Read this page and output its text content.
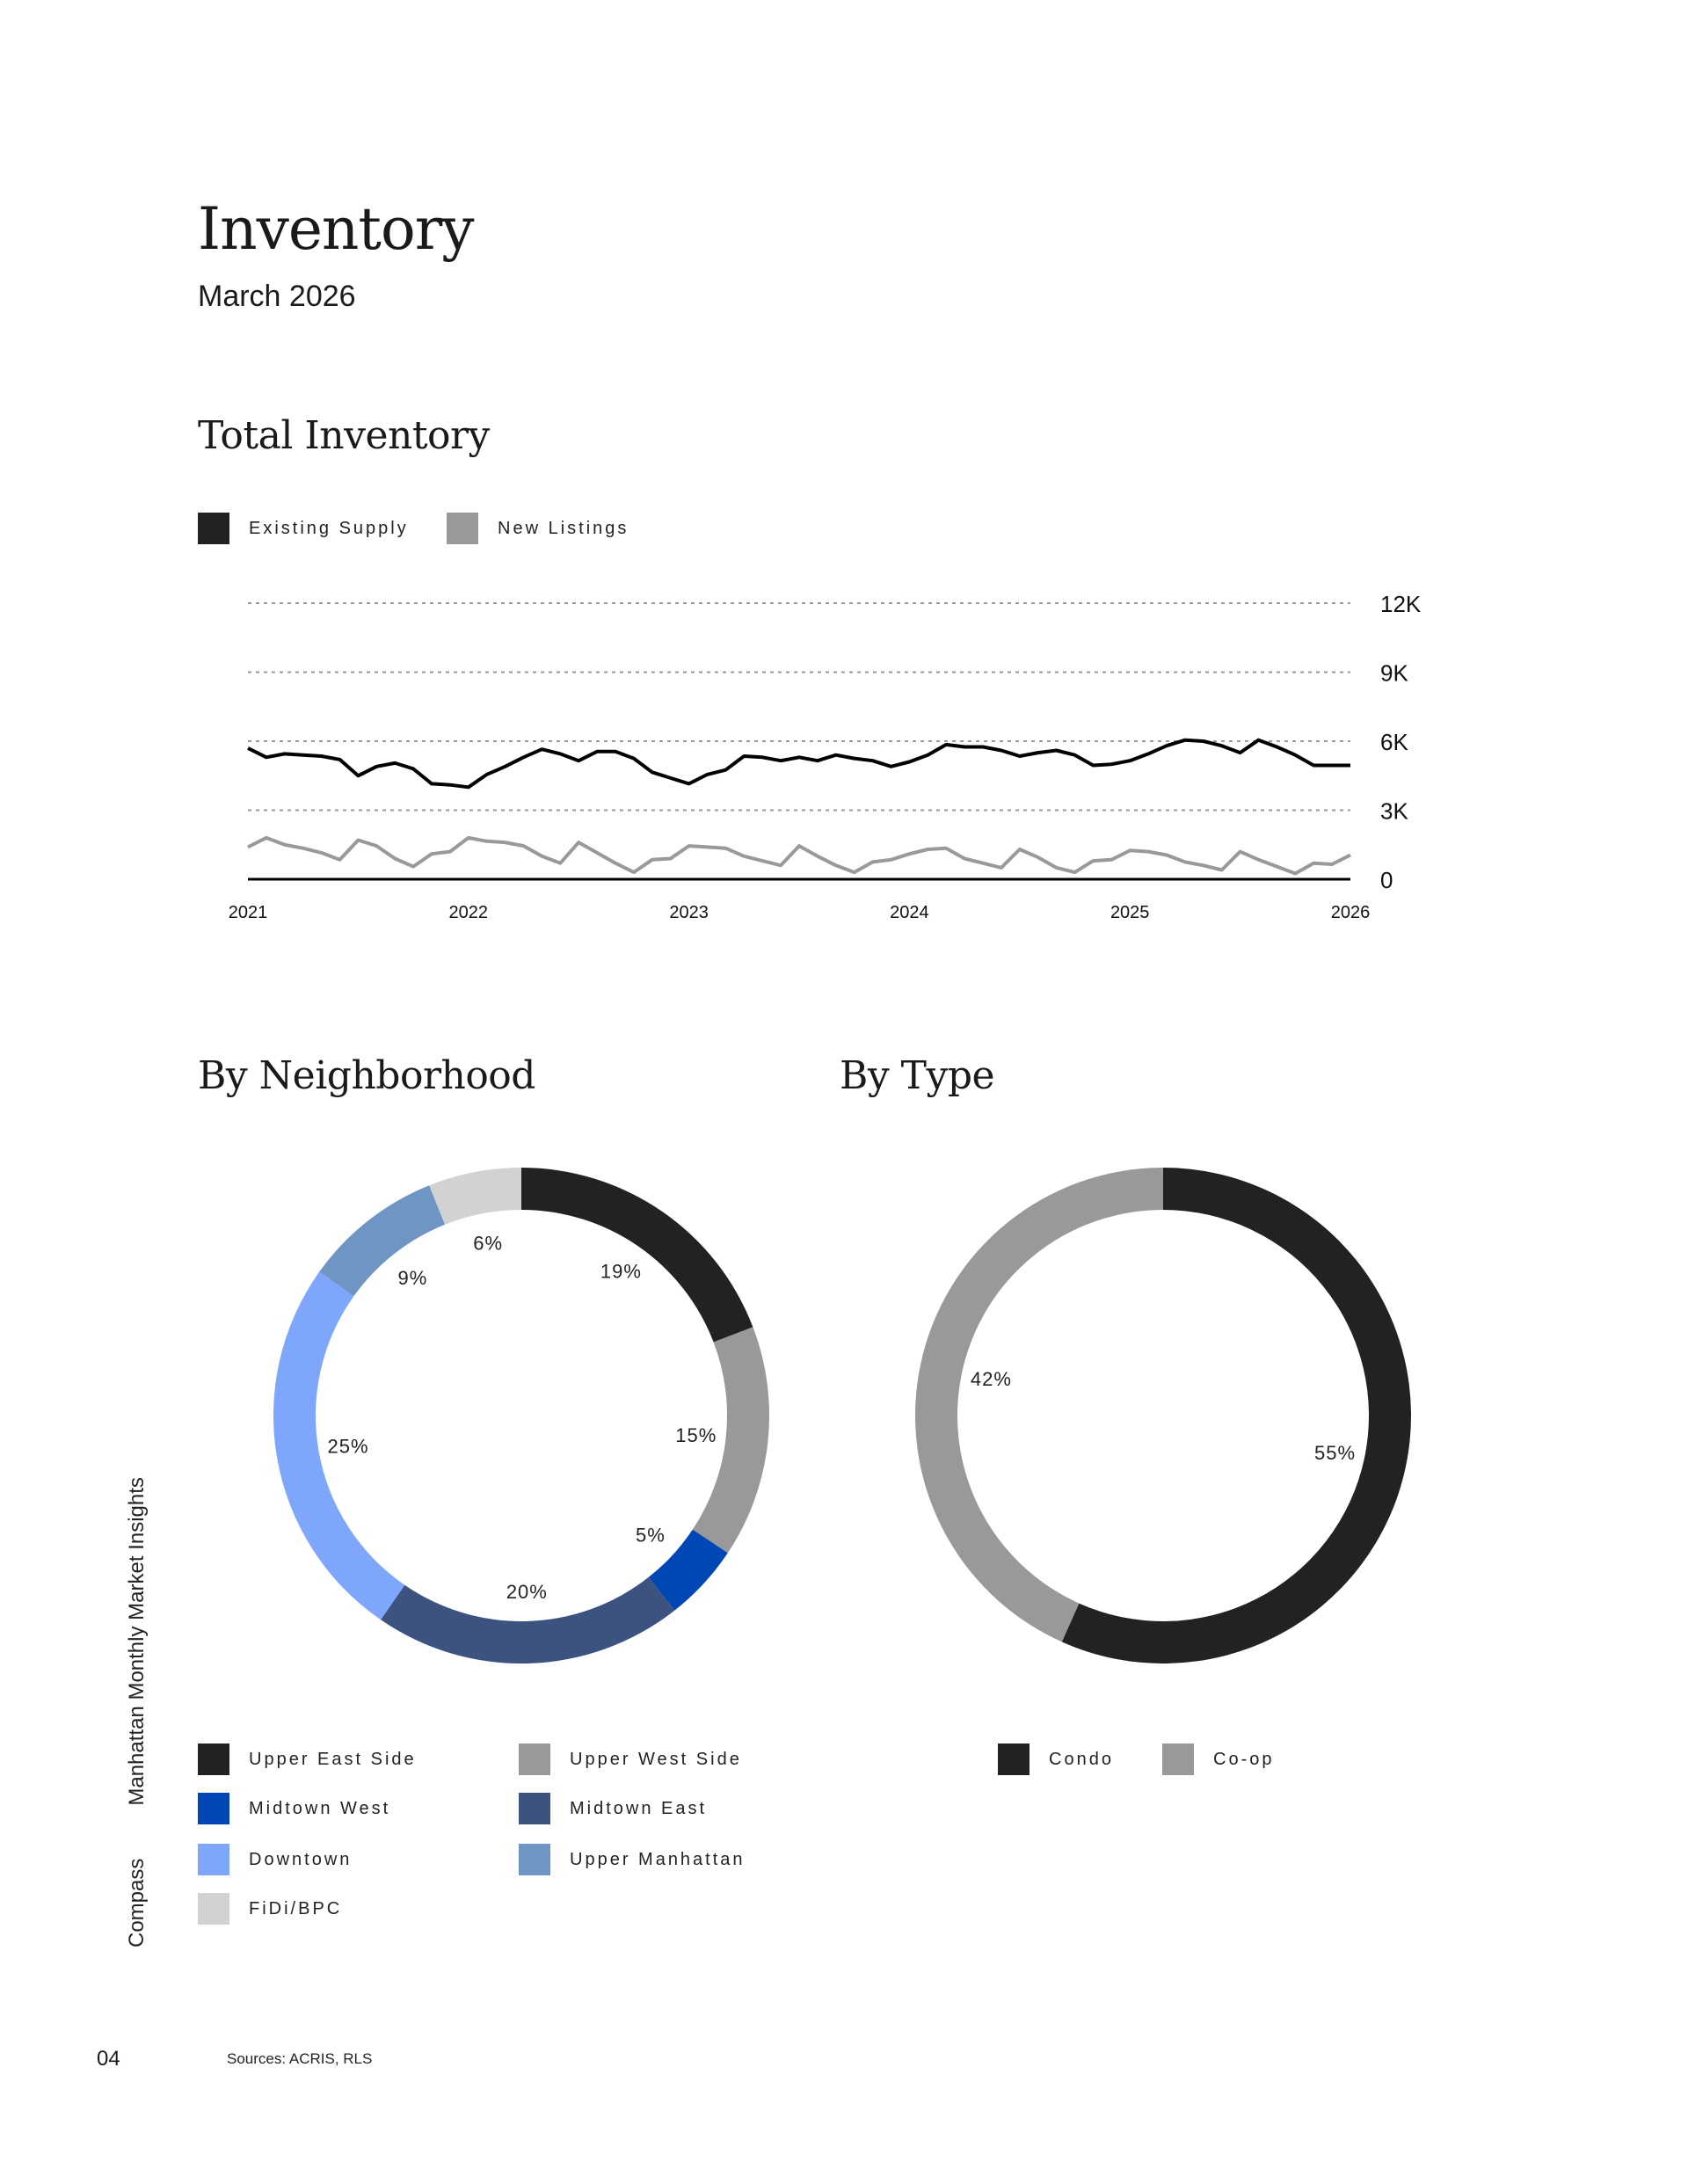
Inventory
March 2026
Total Inventory
Existing Supply	New Listings
12K
9K
6K
3K
0
2021	2022	2023	2024	2025	2026
By Neighborhood	By Type
19%
15%
5%
20%
25%
9%
6%
55%
42%
Upper East Side	Upper West Side
Midtown West	Midtown East
Downtown	Upper Manhattan
FiDi/BPC
Condo	Co-op
Compass
Manhattan Monthly Market Insights
04	Sources: ACRIS, RLS
